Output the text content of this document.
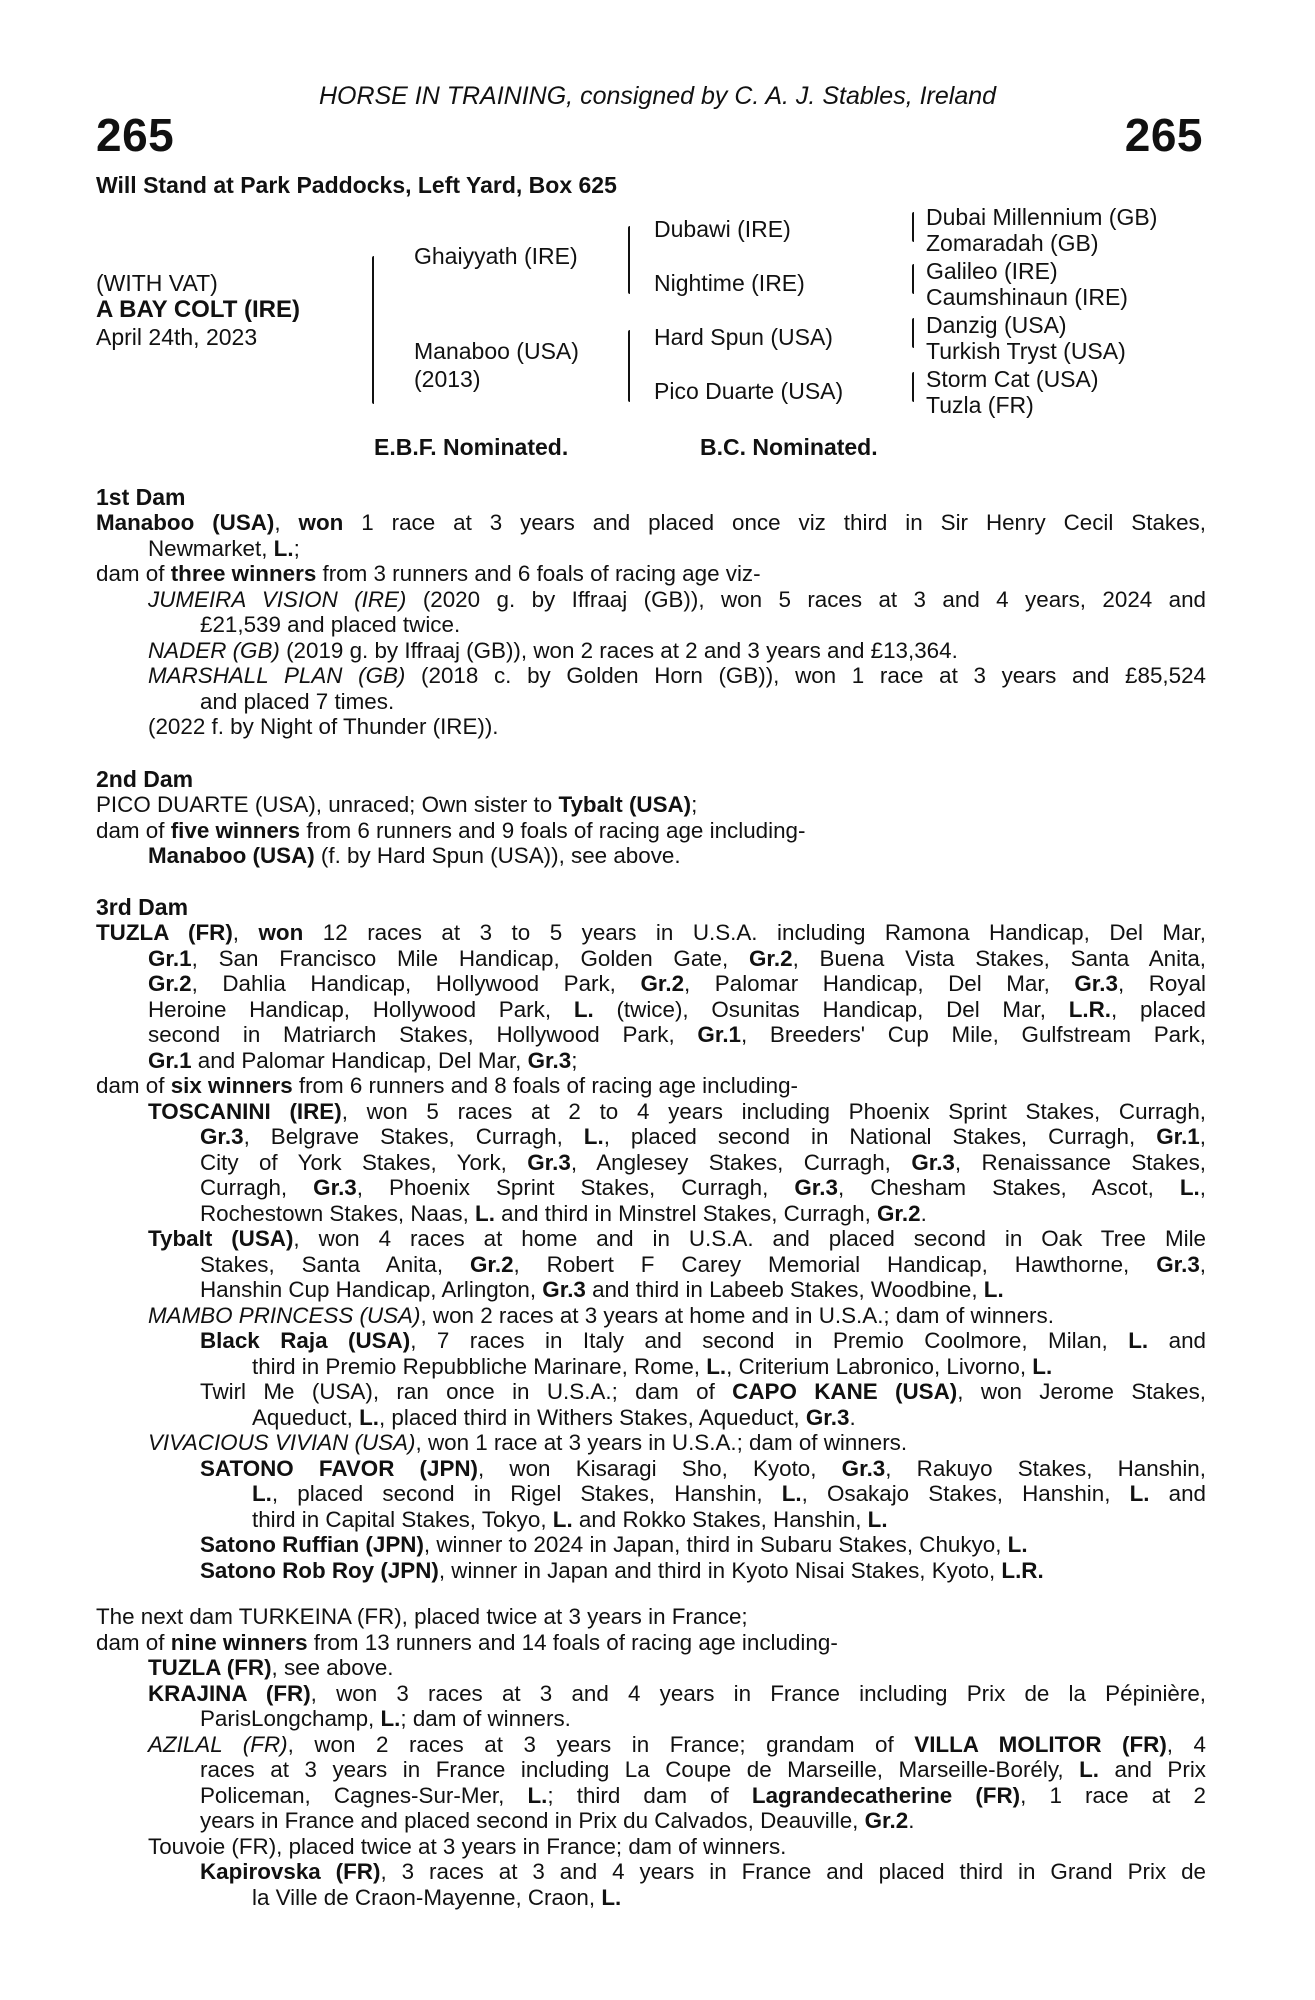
265	265
HORSE IN TRAINING, consigned by C. A. J. Stables, Ireland
Will Stand at Park Paddocks, Left Yard, Box 625
(WITH VAT)
A BAY COLT (IRE)
April 24th, 2023
Ghaiyyath (IRE)
Manaboo (USA)
(2013)
Dubawi (IRE)
Nightime (IRE)
Hard Spun (USA)
Pico Duarte (USA)
Dubai Millennium (GB)
Zomaradah (GB)
Galileo (IRE)
Caumshinaun (IRE)
Danzig (USA)
Turkish Tryst (USA)
Storm Cat (USA)
Tuzla (FR)
E.B.F. Nominated.	B.C. Nominated.
1st Dam
Manaboo (USA), won 1 race at 3 years and placed once viz third in Sir Henry Cecil Stakes,
Newmarket, L.;
dam of three winners from 3 runners and 6 foals of racing age viz-
JUMEIRA VISION (IRE) (2020 g. by Iffraaj (GB)), won 5 races at 3 and 4 years, 2024 and
£21,539 and placed twice.
NADER (GB) (2019 g. by Iffraaj (GB)), won 2 races at 2 and 3 years and £13,364.
MARSHALL PLAN (GB) (2018 c. by Golden Horn (GB)), won 1 race at 3 years and £85,524
and placed 7 times.
(2022 f. by Night of Thunder (IRE)).
2nd Dam
PICO DUARTE (USA), unraced; Own sister to Tybalt (USA);
dam of five winners from 6 runners and 9 foals of racing age including-
Manaboo (USA) (f. by Hard Spun (USA)), see above.
3rd Dam
TUZLA (FR), won 12 races at 3 to 5 years in U.S.A. including Ramona Handicap, Del Mar,
Gr.1, San Francisco Mile Handicap, Golden Gate, Gr.2, Buena Vista Stakes, Santa Anita,
Gr.2, Dahlia Handicap, Hollywood Park, Gr.2, Palomar Handicap, Del Mar, Gr.3, Royal
Heroine Handicap, Hollywood Park, L. (twice), Osunitas Handicap, Del Mar, L.R., placed
second in Matriarch Stakes, Hollywood Park, Gr.1, Breeders' Cup Mile, Gulfstream Park,
Gr.1 and Palomar Handicap, Del Mar, Gr.3;
dam of six winners from 6 runners and 8 foals of racing age including-
TOSCANINI (IRE), won 5 races at 2 to 4 years including Phoenix Sprint Stakes, Curragh,
Gr.3, Belgrave Stakes, Curragh, L., placed second in National Stakes, Curragh, Gr.1,
City of York Stakes, York, Gr.3, Anglesey Stakes, Curragh, Gr.3, Renaissance Stakes,
Curragh, Gr.3, Phoenix Sprint Stakes, Curragh, Gr.3, Chesham Stakes, Ascot, L.,
Rochestown Stakes, Naas, L. and third in Minstrel Stakes, Curragh, Gr.2.
Tybalt (USA), won 4 races at home and in U.S.A. and placed second in Oak Tree Mile
Stakes, Santa Anita, Gr.2, Robert F Carey Memorial Handicap, Hawthorne, Gr.3,
Hanshin Cup Handicap, Arlington, Gr.3 and third in Labeeb Stakes, Woodbine, L.
MAMBO PRINCESS (USA), won 2 races at 3 years at home and in U.S.A.; dam of winners.
Black Raja (USA), 7 races in Italy and second in Premio Coolmore, Milan, L. and
third in Premio Repubbliche Marinare, Rome, L., Criterium Labronico, Livorno, L.
Twirl Me (USA), ran once in U.S.A.; dam of CAPO KANE (USA), won Jerome Stakes,
Aqueduct, L., placed third in Withers Stakes, Aqueduct, Gr.3.
VIVACIOUS VIVIAN (USA), won 1 race at 3 years in U.S.A.; dam of winners.
SATONO FAVOR (JPN), won Kisaragi Sho, Kyoto, Gr.3, Rakuyo Stakes, Hanshin,
L., placed second in Rigel Stakes, Hanshin, L., Osakajo Stakes, Hanshin, L. and
third in Capital Stakes, Tokyo, L. and Rokko Stakes, Hanshin, L.
Satono Ruffian (JPN), winner to 2024 in Japan, third in Subaru Stakes, Chukyo, L.
Satono Rob Roy (JPN), winner in Japan and third in Kyoto Nisai Stakes, Kyoto, L.R.
The next dam TURKEINA (FR), placed twice at 3 years in France;
dam of nine winners from 13 runners and 14 foals of racing age including-
TUZLA (FR), see above.
KRAJINA (FR), won 3 races at 3 and 4 years in France including Prix de la Pépinière,
ParisLongchamp, L.; dam of winners.
AZILAL (FR), won 2 races at 3 years in France; grandam of VILLA MOLITOR (FR), 4
races at 3 years in France including La Coupe de Marseille, Marseille-Borély, L. and Prix
Policeman, Cagnes-Sur-Mer, L.; third dam of Lagrandecatherine (FR), 1 race at 2
years in France and placed second in Prix du Calvados, Deauville, Gr.2.
Touvoie (FR), placed twice at 3 years in France; dam of winners.
Kapirovska (FR), 3 races at 3 and 4 years in France and placed third in Grand Prix de
la Ville de Craon-Mayenne, Craon, L.
